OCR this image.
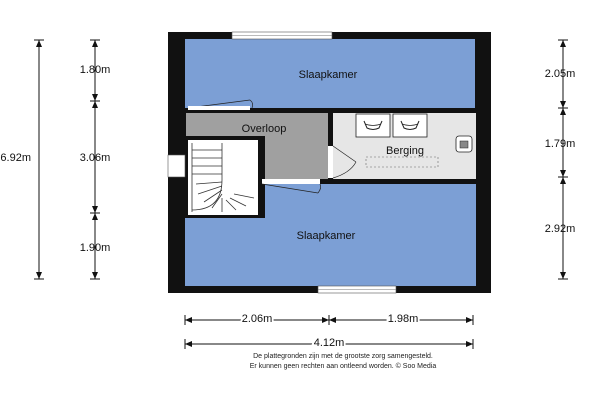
Slaapkamer
Overloop
Berging
Slaapkamer
6.92m
1.80m
3.06m
1.90m
2.05m
1.79m
2.92m
2.06m	1.98m
4.12m
De plattegronden zijn met de grootste zorg samengesteld.
Er kunnen geen rechten aan ontleend worden. © Soo Media
